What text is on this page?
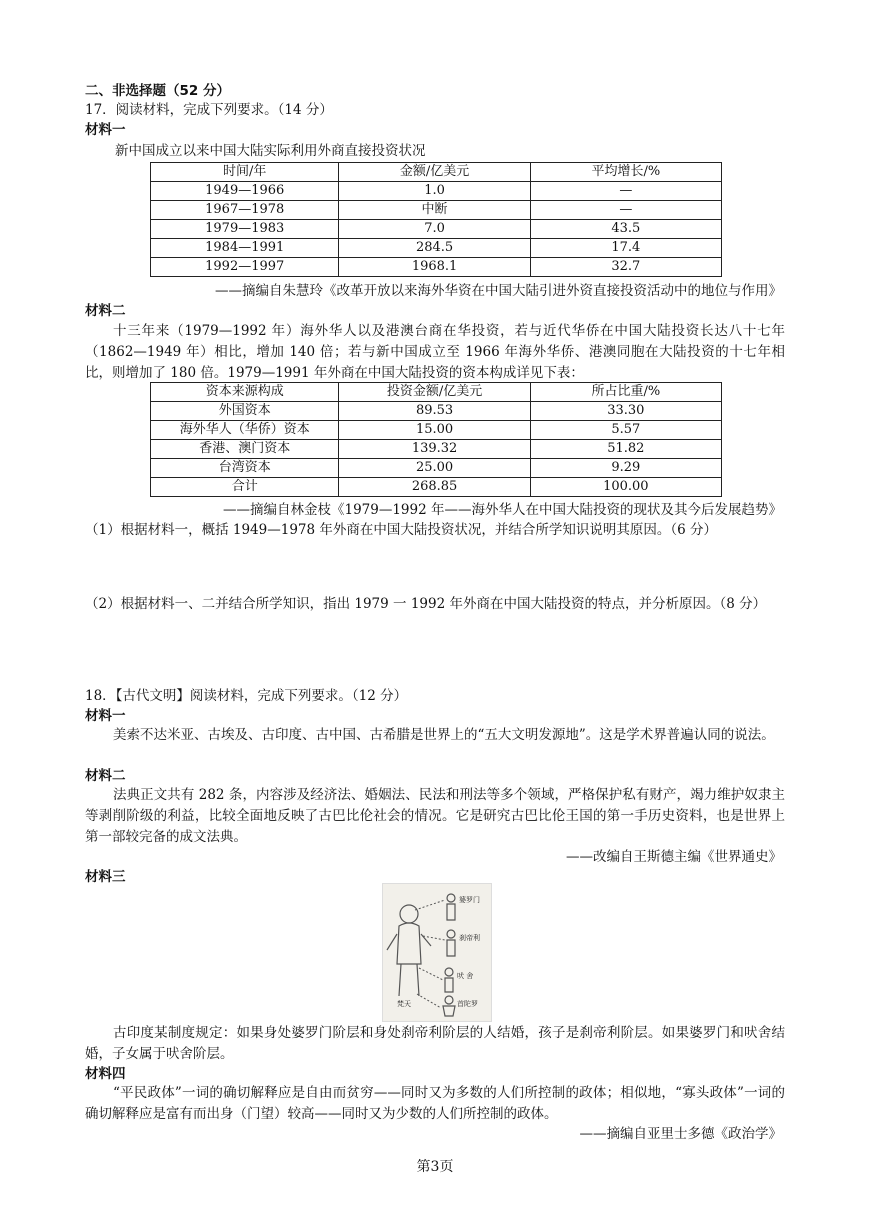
二、非选择题（52 分）
17．阅读材料，完成下列要求。（14 分）
材料一
新中国成立以来中国大陆实际利用外商直接投资状况
时间/年	金额/亿美元	平均增长/%
1949—1966	1.0	—
1967—1978	中断	—
1979—1983	7.0	43.5
1984—1991	284.5	17.4
1992—1997	1968.1	32.7
——摘编自朱慧玲《改革开放以来海外华资在中国大陆引进外资直接投资活动中的地位与作用》
材料二
十三年来（1979—1992 年）海外华人以及港澳台商在华投资，若与近代华侨在中国大陆投资长达八十七年（1862—1949 年）相比，增加 140 倍；若与新中国成立至 1966 年海外华侨、港澳同胞在大陆投资的十七年相比，则增加了 180 倍。1979—1991 年外商在中国大陆投资的资本构成详见下表：
资本来源构成	投资金额/亿美元	所占比重/%
外国资本	89.53	33.30
海外华人（华侨）资本	15.00	5.57
香港、澳门资本	139.32	51.82
台湾资本	25.00	9.29
合计	268.85	100.00
——摘编自林金枝《1979—1992 年——海外华人在中国大陆投资的现状及其今后发展趋势》
（1）根据材料一，概括 1949—1978 年外商在中国大陆投资状况，并结合所学知识说明其原因。（6 分）
（2）根据材料一、二并结合所学知识，指出 1979 一 1992 年外商在中国大陆投资的特点，并分析原因。（8 分）
18．【古代文明】阅读材料，完成下列要求。（12 分）
材料一
美索不达米亚、古埃及、古印度、古中国、古希腊是世界上的“五大文明发源地”。这是学术界普遍认同的说法。
材料二
法典正文共有 282 条，内容涉及经济法、婚姻法、民法和刑法等多个领域，严格保护私有财产，竭力维护奴隶主等剥削阶级的利益，比较全面地反映了古巴比伦社会的情况。它是研究古巴比伦王国的第一手历史资料，也是世界上第一部较完备的成文法典。
——改编自王斯德主编《世界通史》
材料三
婆罗门
刹帝利
吠 舍
首陀罗
梵天
古印度某制度规定：如果身处婆罗门阶层和身处刹帝利阶层的人结婚，孩子是刹帝利阶层。如果婆罗门和吠舍结婚，子女属于吠舍阶层。
材料四
“平民政体”一词的确切解释应是自由而贫穷——同时又为多数的人们所控制的政体；相似地，“寡头政体”一词的确切解释应是富有而出身（门望）较高——同时又为少数的人们所控制的政体。
——摘编自亚里士多德《政治学》
第3页
